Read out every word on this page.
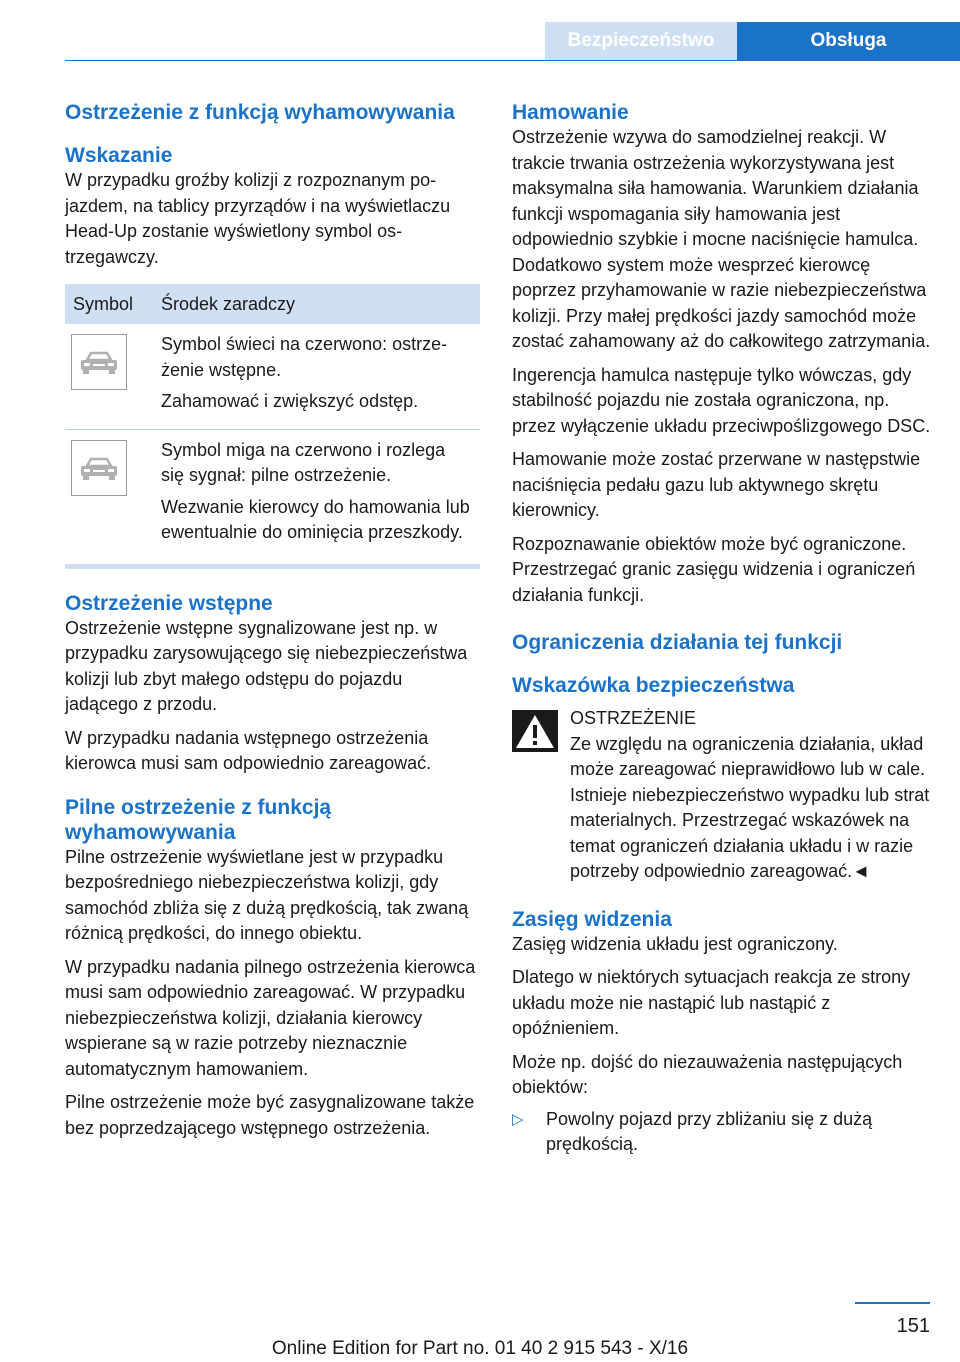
Bezpieczeństwo	Obsługa
Ostrzeżenie z funkcją wyhamowywania
Wskazanie

W przypadku groźby kolizji z rozpoznanym pojazdem, na tablicy przyrządów i na wyświetlaczu Head-Up zostanie wyświetlony symbol ostrzegawczy.

Symbol	Środek zaradczy

Symbol świeci na czerwono: ostrzeżenie wstępne.
Zahamować i zwiększyć odstęp.

Symbol miga na czerwono i rozlega się sygnał: pilne ostrzeżenie.
Wezwanie kierowcy do hamowania lub ewentualnie do ominięcia przeszkody.
Ostrzeżenie wstępne

Ostrzeżenie wstępne sygnalizowane jest np. w przypadku zarysowującego się niebezpieczeństwa kolizji lub zbyt małego odstępu do pojazdu jadącego z przodu.

W przypadku nadania wstępnego ostrzeżenia kierowca musi sam odpowiednio zareagować.

Pilne ostrzeżenie z funkcją wyhamowywania

Pilne ostrzeżenie wyświetlane jest w przypadku bezpośredniego niebezpieczeństwa kolizji, gdy samochód zbliża się z dużą prędkością, tak zwaną różnicą prędkości, do innego obiektu.

W przypadku nadania pilnego ostrzeżenia kierowca musi sam odpowiednio zareagować. W przypadku niebezpieczeństwa kolizji, działania kierowcy wspierane są w razie potrzeby nieznacznie automatycznym hamowaniem.

Pilne ostrzeżenie może być zasygnalizowane także bez poprzedzającego wstępnego ostrzeżenia.

Hamowanie

Ostrzeżenie wzywa do samodzielnej reakcji. W trakcie trwania ostrzeżenia wykorzystywana jest maksymalna siła hamowania. Warunkiem działania funkcji wspomagania siły hamowania jest odpowiednio szybkie i mocne naciśnięcie hamulca. Dodatkowo system może wesprzeć kierowcę poprzez przyhamowanie w razie niebezpieczeństwa kolizji. Przy małej prędkości jazdy samochód może zostać zahamowany aż do całkowitego zatrzymania.

Ingerencja hamulca następuje tylko wówczas, gdy stabilność pojazdu nie została ograniczona, np. przez wyłączenie układu przeciwpoślizgowego DSC.

Hamowanie może zostać przerwane w następstwie naciśnięcia pedału gazu lub aktywnego skrętu kierownicy.

Rozpoznawanie obiektów może być ograniczone. Przestrzegać granic zasięgu widzenia i ograniczeń działania funkcji.

Ograniczenia działania tej funkcji
Wskazówka bezpieczeństwa

OSTRZEŻENIE

Ze względu na ograniczenia działania, układ może zareagować nieprawidłowo lub w cale. Istnieje niebezpieczeństwo wypadku lub strat materialnych. Przestrzegać wskazówek na temat ograniczeń działania układu i w razie potrzeby odpowiednio zareagować.◄

Zasięg widzenia

Zasięg widzenia układu jest ograniczony.

Dlatego w niektórych sytuacjach reakcja ze strony układu może nie nastąpić lub nastąpić z opóźnieniem.

Może np. dojść do niezauważenia następujących obiektów:

▷	Powolny pojazd przy zbliżaniu się z dużą prędkością.

151
Online Edition for Part no. 01 40 2 915 543 - X/16
